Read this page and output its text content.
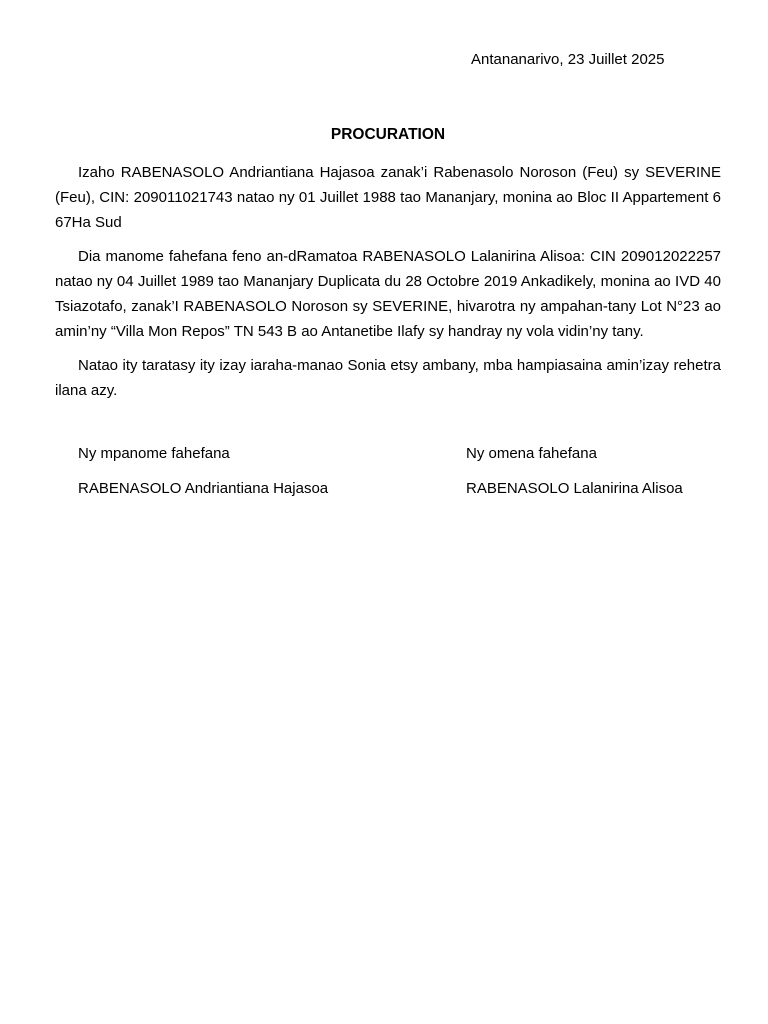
Antananarivo, 23 Juillet 2025
PROCURATION

Izaho RABENASOLO Andriantiana Hajasoa zanak’i Rabenasolo Noroson (Feu) sy SEVERINE (Feu), CIN: 209011021743 natao ny 01 Juillet 1988 tao Mananjary, monina ao Bloc II Appartement 6 67Ha Sud

Dia manome fahefana feno an-dRamatoa RABENASOLO Lalanirina Alisoa: CIN 209012022257 natao ny 04 Juillet 1989 tao Mananjary Duplicata du 28 Octobre 2019 Ankadikely, monina ao IVD 40 Tsiazotafo, zanak’I RABENASOLO Noroson sy SEVERINE, hivarotra ny ampahan-tany Lot N°23 ao amin’ny “Villa Mon Repos” TN 543 B ao Antanetibe Ilafy sy handray ny vola vidin’ny tany.

Natao ity taratasy ity izay iaraha-manao Sonia etsy ambany, mba hampiasaina amin’izay rehetra ilana azy.

Ny mpanome fahefana	Ny omena fahefana
RABENASOLO Andriantiana Hajasoa	RABENASOLO Lalanirina Alisoa
